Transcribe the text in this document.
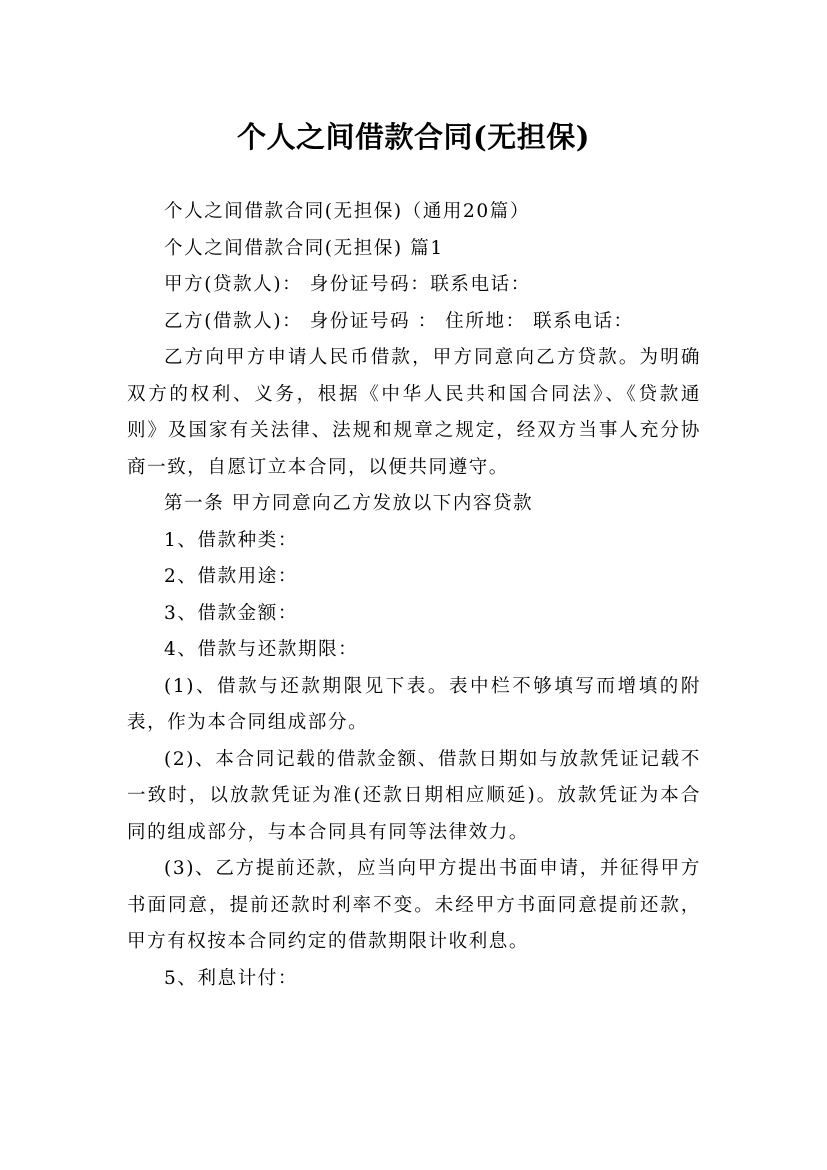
个人之间借款合同(无担保)

个人之间借款合同(无担保)（通用20篇）

个人之间借款合同(无担保) 篇1

甲方(贷款人)： 身份证号码：联系电话：

乙方(借款人)： 身份证号码 ： 住所地： 联系电话：

乙方向甲方申请人民币借款，甲方同意向乙方贷款。为明确双方的权利、义务，根据《中华人民共和国合同法》、《贷款通则》及国家有关法律、法规和规章之规定，经双方当事人充分协商一致，自愿订立本合同，以便共同遵守。

第一条 甲方同意向乙方发放以下内容贷款

1、借款种类：

2、借款用途：

3、借款金额：

4、借款与还款期限：

(1)、借款与还款期限见下表。表中栏不够填写而增填的附表，作为本合同组成部分。

(2)、本合同记载的借款金额、借款日期如与放款凭证记载不一致时，以放款凭证为准(还款日期相应顺延)。放款凭证为本合同的组成部分，与本合同具有同等法律效力。

(3)、乙方提前还款，应当向甲方提出书面申请，并征得甲方书面同意，提前还款时利率不变。未经甲方书面同意提前还款，甲方有权按本合同约定的借款期限计收利息。

5、利息计付：
